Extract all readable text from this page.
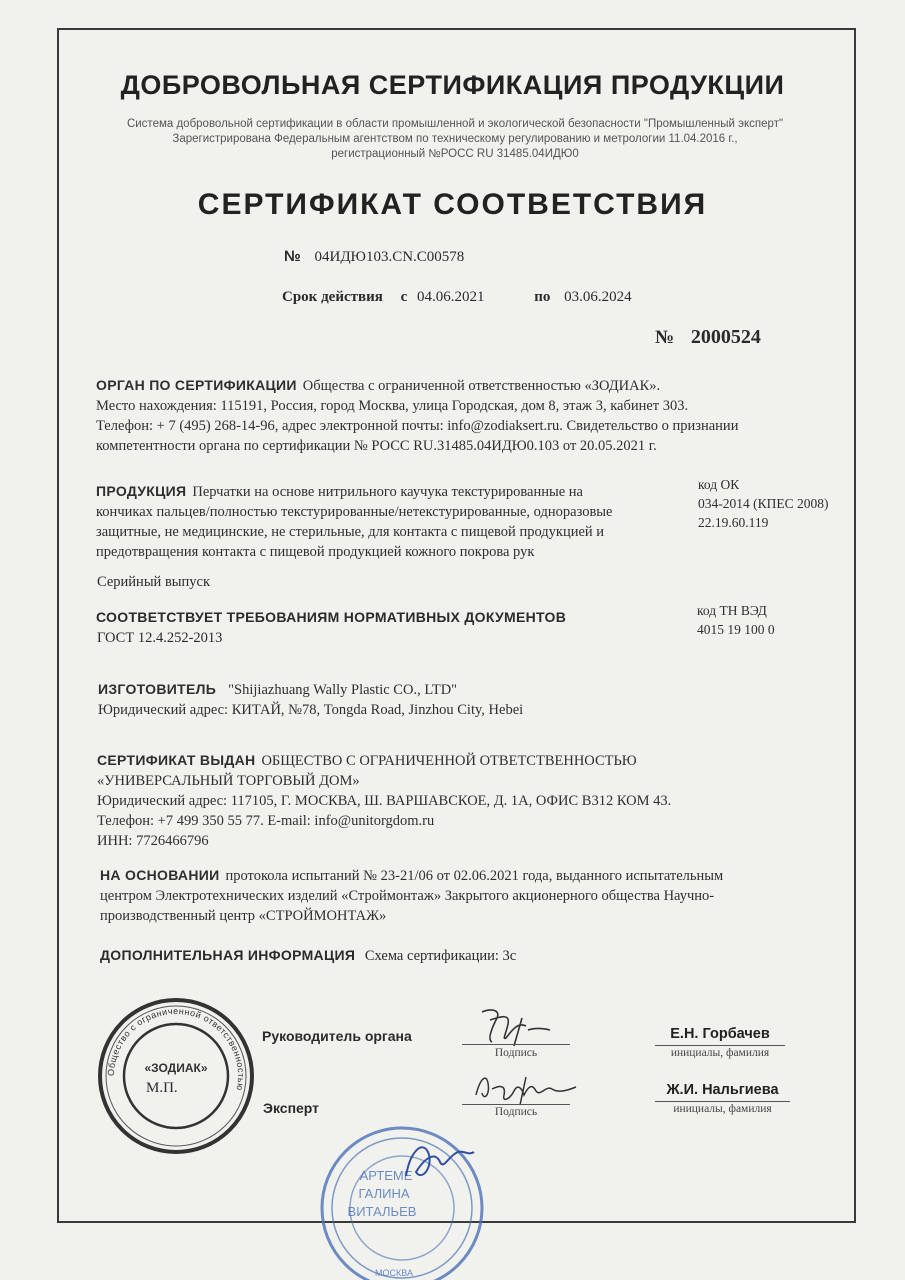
ДОБРОВОЛЬНАЯ СЕРТИФИКАЦИЯ ПРОДУКЦИИ
Система добровольной сертификации в области промышленной и экологической безопасности "Промышленный эксперт"
Зарегистрирована Федеральным агентством по техническому регулированию и метрологии 11.04.2016 г.,
регистрационный №РОСС RU 31485.04ИДЮ0
СЕРТИФИКАТ СООТВЕТСТВИЯ
№ 04ИДЮ103.CN.C00578
Срок действия с 04.06.2021	по 03.06.2024
№ 2000524
ОРГАН ПО СЕРТИФИКАЦИИ Общества с ограниченной ответственностью «ЗОДИАК».
Место нахождения: 115191, Россия, город Москва, улица Городская, дом 8, этаж 3, кабинет 303.
Телефон: + 7 (495) 268-14-96, адрес электронной почты: info@zodiaksert.ru. Свидетельство о признании
компетентности органа по сертификации № РОСС RU.31485.04ИДЮ0.103 от 20.05.2021 г.
ПРОДУКЦИЯ Перчатки на основе нитрильного каучука текстурированные на
кончиках пальцев/полностью текстурированные/нетекстурированные, одноразовые
защитные, не медицинские, не стерильные, для контакта с пищевой продукцией и
предотвращения контакта с пищевой продукцией кожного покрова рук
код ОК
034-2014 (КПЕС 2008)
22.19.60.119
Серийный выпуск
СООТВЕТСТВУЕТ ТРЕБОВАНИЯМ НОРМАТИВНЫХ ДОКУМЕНТОВ
ГОСТ 12.4.252-2013
код ТН ВЭД
4015 19 100 0
ИЗГОТОВИТЕЛЬ "Shijiazhuang Wally Plastic CO., LTD"
Юридический адрес: КИТАЙ, №78, Tongda Road, Jinzhou City, Hebei
СЕРТИФИКАТ ВЫДАН ОБЩЕСТВО С ОГРАНИЧЕННОЙ ОТВЕТСТВЕННОСТЬЮ
«УНИВЕРСАЛЬНЫЙ ТОРГОВЫЙ ДОМ»
Юридический адрес: 117105, Г. МОСКВА, Ш. ВАРШАВСКОЕ, Д. 1А, ОФИС В312 КОМ 43.
Телефон: +7 499 350 55 77. E-mail: info@unitorgdom.ru
ИНН: 7726466796
НА ОСНОВАНИИ протокола испытаний № 23-21/06 от 02.06.2021 года, выданного испытательным
центром Электротехнических изделий «Строймонтаж» Закрытого акционерного общества Научно-
производственный центр «СТРОЙМОНТАЖ»
ДОПОЛНИТЕЛЬНАЯ ИНФОРМАЦИЯ Схема сертификации: 3с
Общество с ограниченной ответственностью
«ЗОДИАК»
М.П.
Руководитель органа
Подпись
Е.Н. Горбачев
инициалы, фамилия
Эксперт	Подпись
Ж.И. Нальгиева
инициалы, фамилия
АРТЕМЕ
ГАЛИНА
ВИТАЛЬЕВ
МОСКВА
